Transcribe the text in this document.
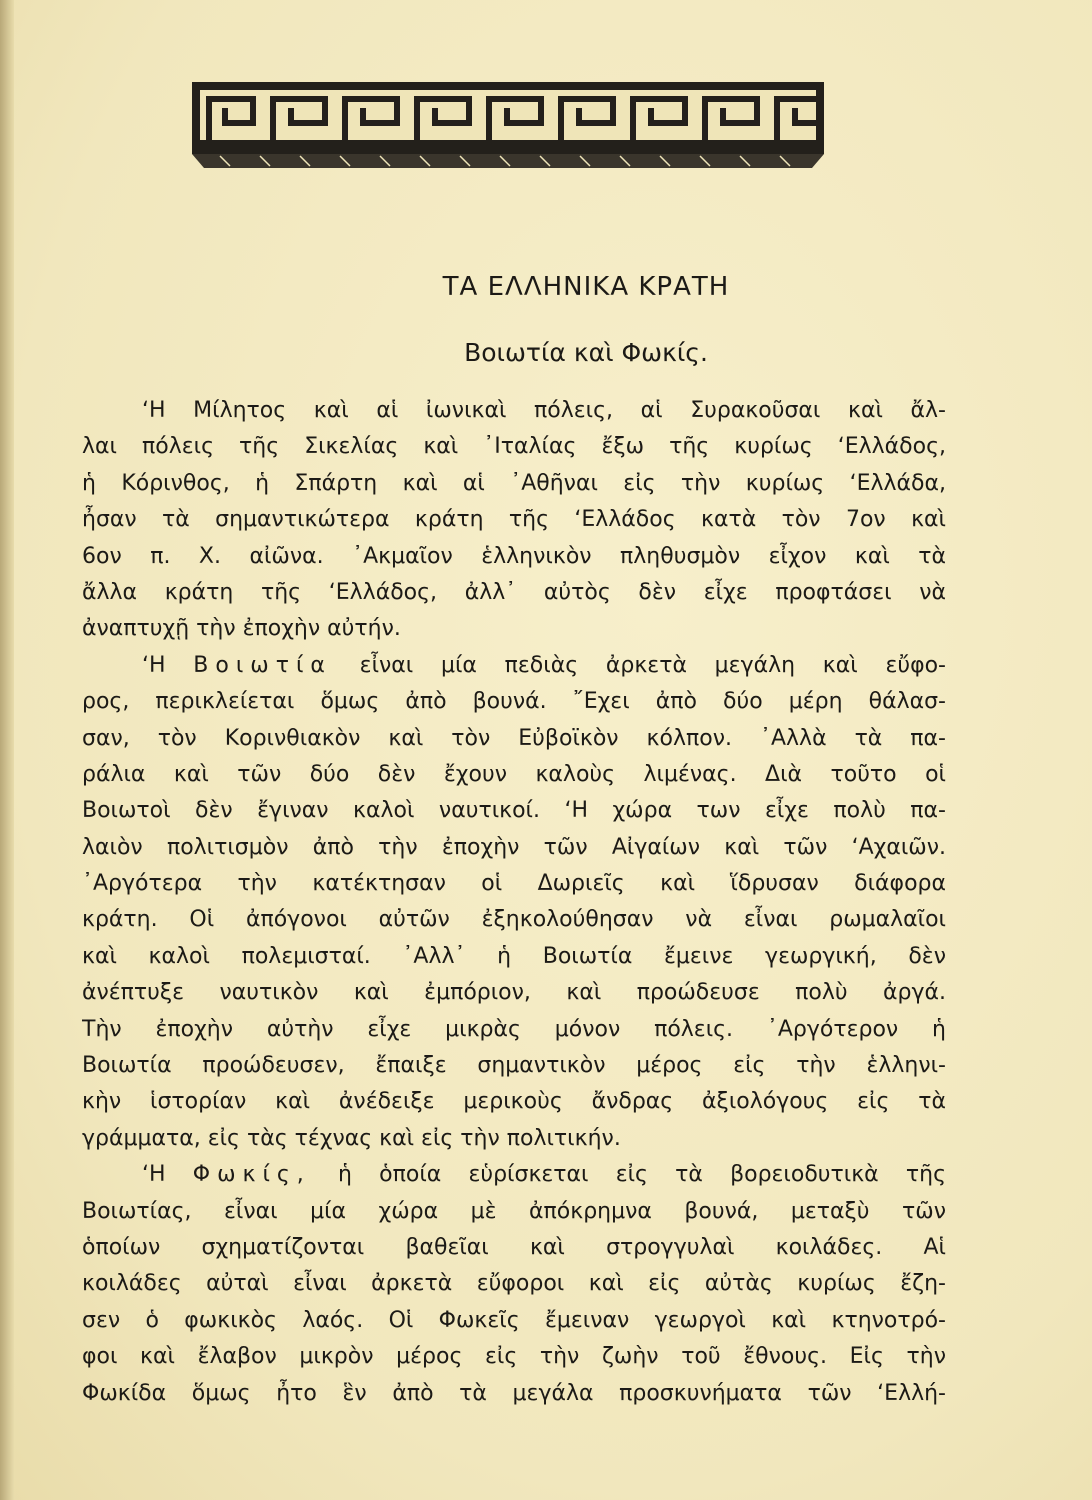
ΤΑ ΕΛΛΗΝΙΚΑ ΚΡΑΤΗ
Βοιωτία καὶ Φωκίς.
ʻΗ Μίλητος καὶ αἱ ἰωνικαὶ πόλεις, αἱ Συρακοῦσαι καὶ ἄλ-
λαι πόλεις τῆς Σικελίας καὶ ᾿Ιταλίας ἔξω τῆς κυρίως ʻΕλλάδος,
ἡ Κόρινθος, ἡ Σπάρτη καὶ αἱ ᾿Αθῆναι εἰς τὴν κυρίως ʻΕλλάδα,
ἦσαν τὰ σημαντικώτερα κράτη τῆς ʻΕλλάδος κατὰ τὸν 7ον καὶ
6ον π. Χ. αἰῶνα. ᾿Ακμαῖον ἑλληνικὸν πληθυσμὸν εἶχον καὶ τὰ
ἄλλα κράτη τῆς ʻΕλλάδος, ἀλλ᾿ αὐτὸς δὲν εἶχε προφτάσει νὰ
ἀναπτυχῇ τὴν ἐποχὴν αὐτήν.
ʻΗ Βοιωτία εἶναι μία πεδιὰς ἀρκετὰ μεγάλη καὶ εὔφο-
ρος, περικλείεται ὅμως ἀπὸ βουνά. ῎Εχει ἀπὸ δύο μέρη θάλασ-
σαν, τὸν Κορινθιακὸν καὶ τὸν Εὐβοϊκὸν κόλπον. ᾿Αλλὰ τὰ πα-
ράλια καὶ τῶν δύο δὲν ἔχουν καλοὺς λιμένας. Διὰ τοῦτο οἱ
Βοιωτοὶ δὲν ἔγιναν καλοὶ ναυτικοί. ʻΗ χώρα των εἶχε πολὺ πα-
λαιὸν πολιτισμὸν ἀπὸ τὴν ἐποχὴν τῶν Αἰγαίων καὶ τῶν ʻΑχαιῶν.
᾿Αργότερα τὴν κατέκτησαν οἱ Δωριεῖς καὶ ἵδρυσαν διάφορα
κράτη. Οἱ ἀπόγονοι αὐτῶν ἐξηκολούθησαν νὰ εἶναι ρωμαλαῖοι
καὶ καλοὶ πολεμισταί. ᾿Αλλ᾿ ἡ Βοιωτία ἔμεινε γεωργική, δὲν
ἀνέπτυξε ναυτικὸν καὶ ἐμπόριον, καὶ προώδευσε πολὺ ἀργά.
Τὴν ἐποχὴν αὐτὴν εἶχε μικρὰς μόνον πόλεις. ᾿Αργότερον ἡ
Βοιωτία προώδευσεν, ἔπαιξε σημαντικὸν μέρος εἰς τὴν ἑλληνι-
κὴν ἱστορίαν καὶ ἀνέδειξε μερικοὺς ἄνδρας ἀξιολόγους εἰς τὰ
γράμματα, εἰς τὰς τέχνας καὶ εἰς τὴν πολιτικήν.
ʻΗ Φωκίς, ἡ ὁποία εὑρίσκεται εἰς τὰ βορειοδυτικὰ τῆς
Βοιωτίας, εἶναι μία χώρα μὲ ἀπόκρημνα βουνά, μεταξὺ τῶν
ὁποίων σχηματίζονται βαθεῖαι καὶ στρογγυλαὶ κοιλάδες. Αἱ
κοιλάδες αὐταὶ εἶναι ἀρκετὰ εὔφοροι καὶ εἰς αὐτὰς κυρίως ἔζη-
σεν ὁ φωκικὸς λαός. Οἱ Φωκεῖς ἔμειναν γεωργοὶ καὶ κτηνοτρό-
φοι καὶ ἔλαβον μικρὸν μέρος εἰς τὴν ζωὴν τοῦ ἔθνους. Εἰς τὴν
Φωκίδα ὅμως ἦτο ἓν ἀπὸ τὰ μεγάλα προσκυνήματα τῶν ʻΕλλή-
